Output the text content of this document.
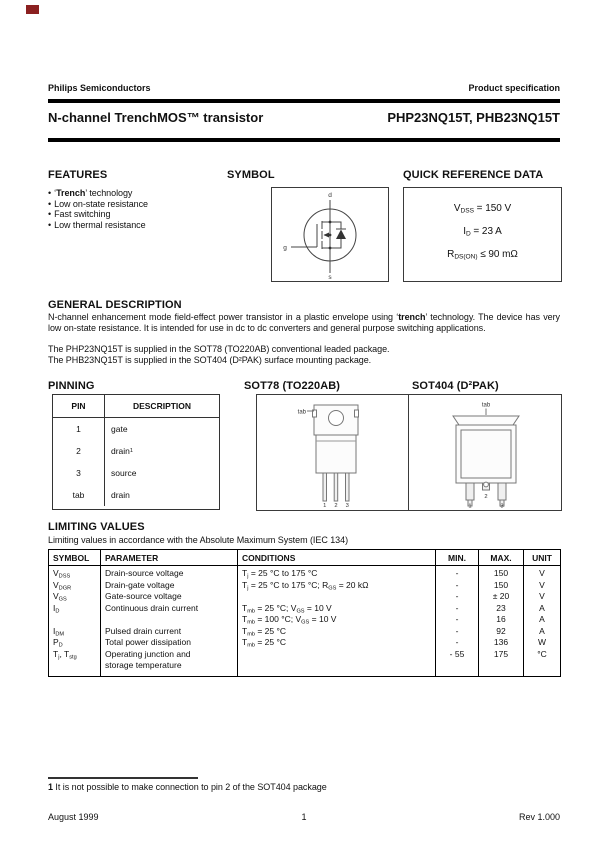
Philips Semiconductors	Product specification
N-channel TrenchMOS™ transistor	PHP23NQ15T, PHB23NQ15T
FEATURES
• ‘Trench’ technology
• Low on-state resistance
• Fast switching
• Low thermal resistance
SYMBOL
d
g
s
QUICK REFERENCE DATA
$V_{DSS} = 150$ V
$I_D = 23$ A
$R_{DS(ON)} \le 90$ mΩ
GENERAL DESCRIPTION

N-channel enhancement mode field-effect power transistor in a plastic envelope using ‘trench’ technology. The device has very low on-state resistance. It is intended for use in dc to dc converters and general purpose switching applications.

The PHP23NQ15T is supplied in the SOT78 (TO220AB) conventional leaded package.

The PHB23NQ15T is supplied in the SOT404 (D²PAK) surface mounting package.

PINNING
PIN	DESCRIPTION
1	gate
2	drain 1
3	source
tab	drain
SOT78 (TO220AB)
tab
1 2 3
SOT404 (D²PAK)
tab
2
1	3
LIMITING VALUES

Limiting values in accordance with the Absolute Maximum System (IEC 134)

SYMBOL	PARAMETER	CONDITIONS	MIN.	MAX.	UNIT
$V_{DSS}$	Drain-source voltage	$T_j = 25$ °C to 175 °C	-	150	V
$V_{DGR}$	Drain-gate voltage	$T_j = 25$ °C to 175 °C; $R_{GS} = 20$ kΩ	-	150	V
$V_{GS}$	Gate-source voltage		-	± 20	V
$I_D$	Continuous drain current	$T_{mb} = 25$ °C; $V_{GS} = 10$ V	-	23	A
		$T_{mb} = 100$ °C; $V_{GS} = 10$ V	-	16	A
$I_{DM}$	Pulsed drain current	$T_{mb} = 25$ °C	-	92	A
$P_D$	Total power dissipation	$T_{mb} = 25$ °C	-	136	W
$T_j$, $T_{stg}$	Operating junction and		- 55	175	°C
	storage temperature				

1 It is not possible to make connection to pin 2 of the SOT404 package

August 1999	1	Rev 1.000
